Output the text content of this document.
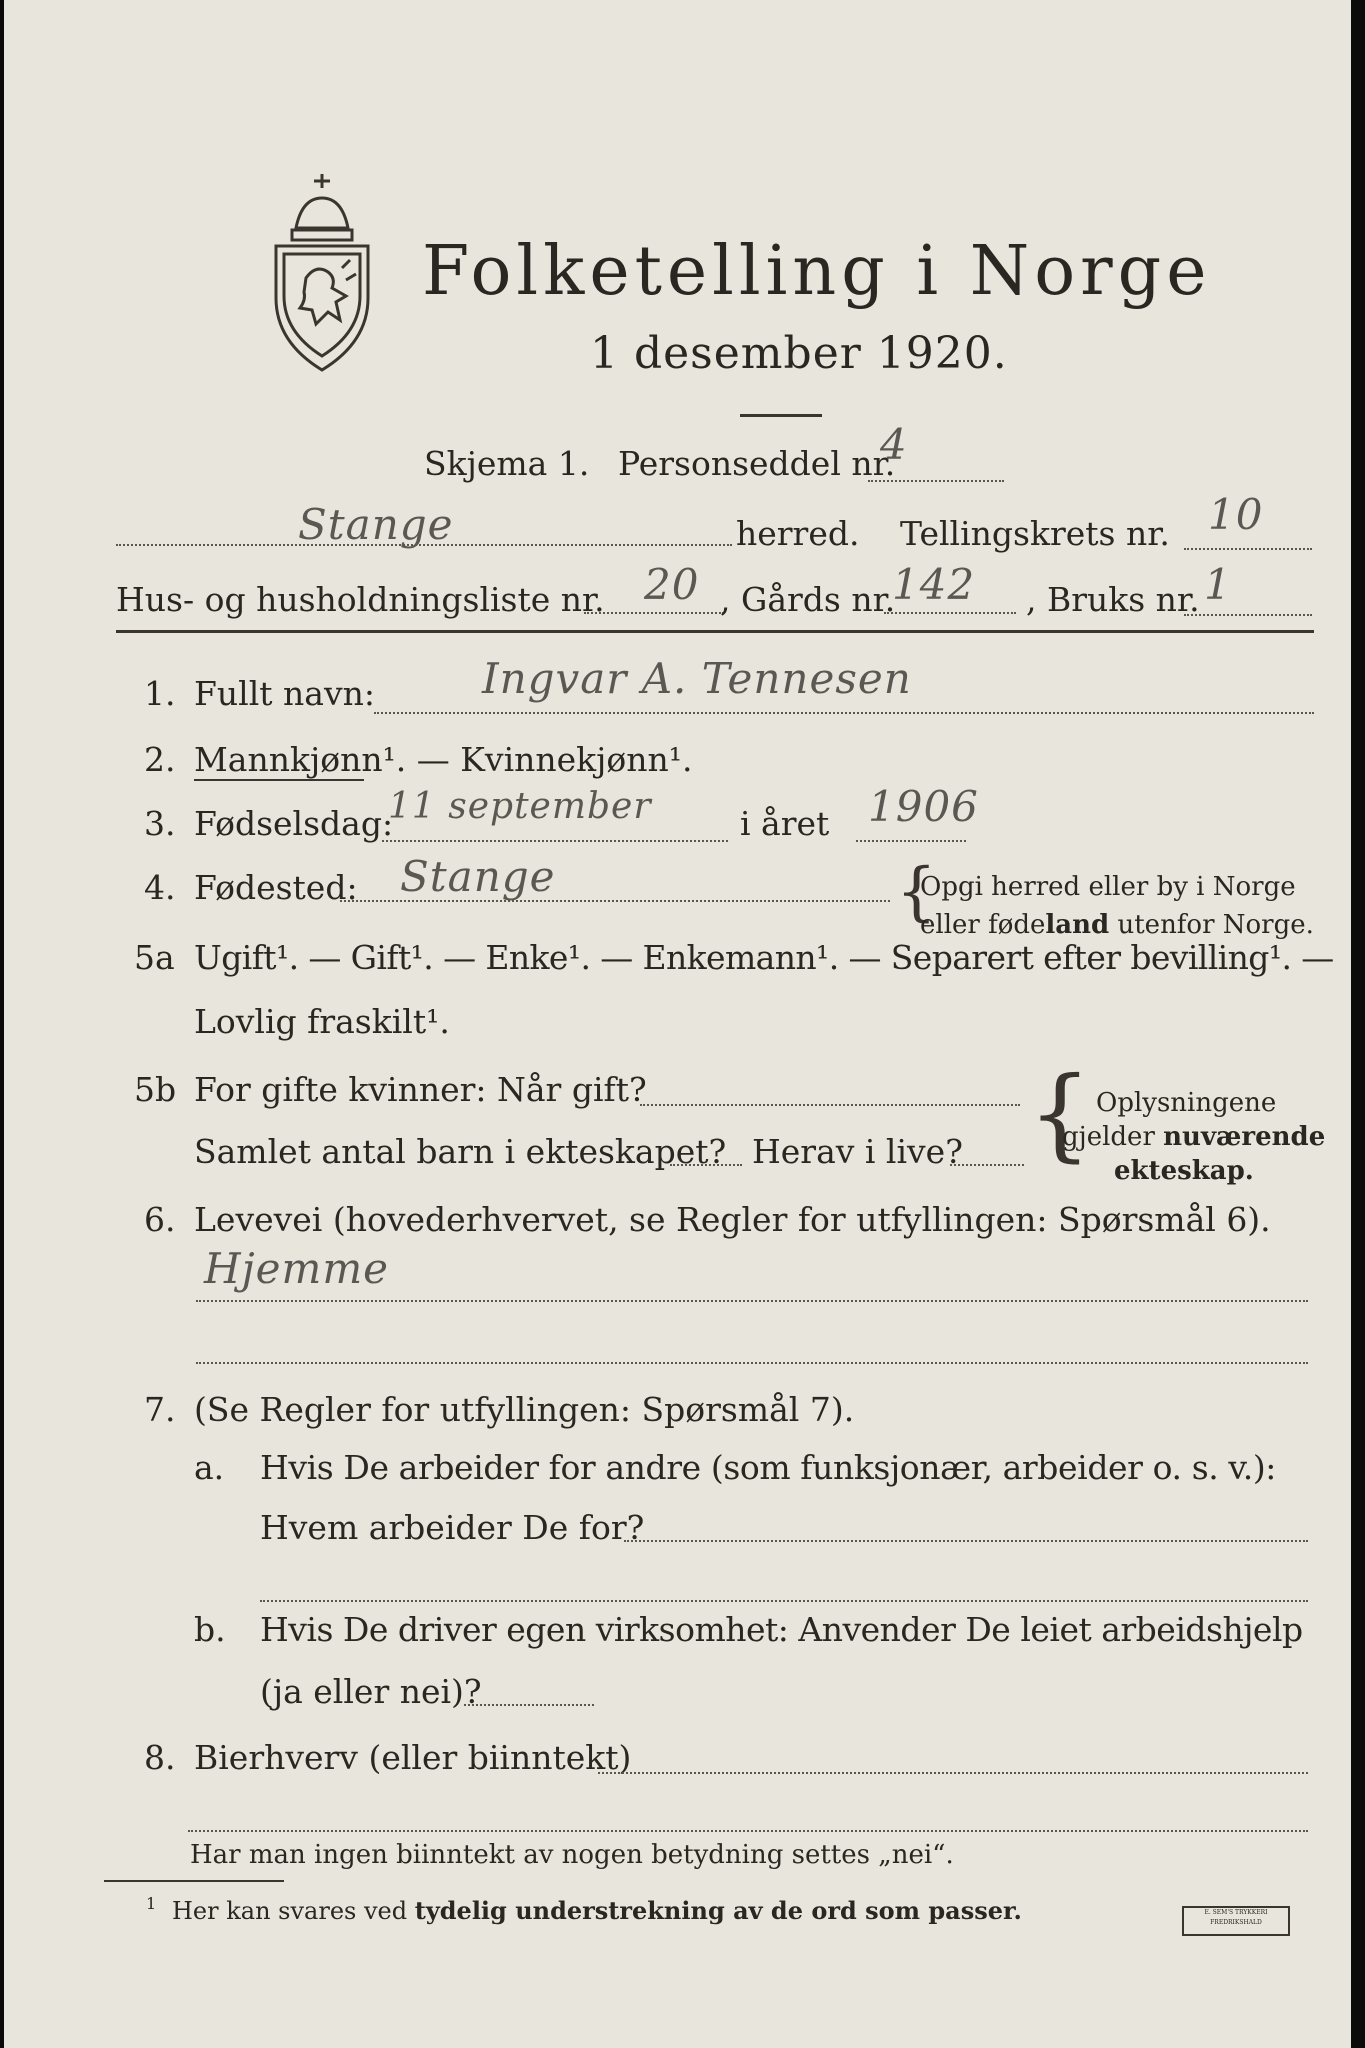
Folketelling i Norge
1 desember 1920.
Skjema 1. Personseddel nr.
4
Stange	herred. Tellingskrets nr. 10
Hus- og husholdningsliste nr. 20 , Gårds nr.
142 , Bruks nr. 1
1. Fullt navn:	Ingvar A. Tennesen
2. Mannkjønn¹. — Kvinnekjønn¹.
3. Fødselsdag:
11 september	i året 1906
4. Fødested: Stange	{
Opgi herred eller by i Norge
eller fødeland utenfor Norge.
5a Ugift¹. — Gift¹. — Enke¹. — Enkemann¹. — Separert efter bevilling¹. —
Lovlig fraskilt¹.
5b For gifte kvinner: Når gift?
Samlet antal barn i ekteskapet? Herav i live? { Oplysningene
gjelder nuværende
ekteskap.
6. Levevei (hovederhvervet, se Regler for utfyllingen: Spørsmål 6).
Hjemme
7. (Se Regler for utfyllingen: Spørsmål 7).
a. Hvis De arbeider for andre (som funksjonær, arbeider o. s. v.):
Hvem arbeider De for?
b. Hvis De driver egen virksomhet: Anvender De leiet arbeidshjelp
(ja eller nei)?
8. Bierhverv (eller biinntekt)
Har man ingen biinntekt av nogen betydning settes „nei“.
1 Her kan svares ved tydelig understrekning av de ord som passer.	E. SEM'S TRYKKERI FREDRIKSHALD
